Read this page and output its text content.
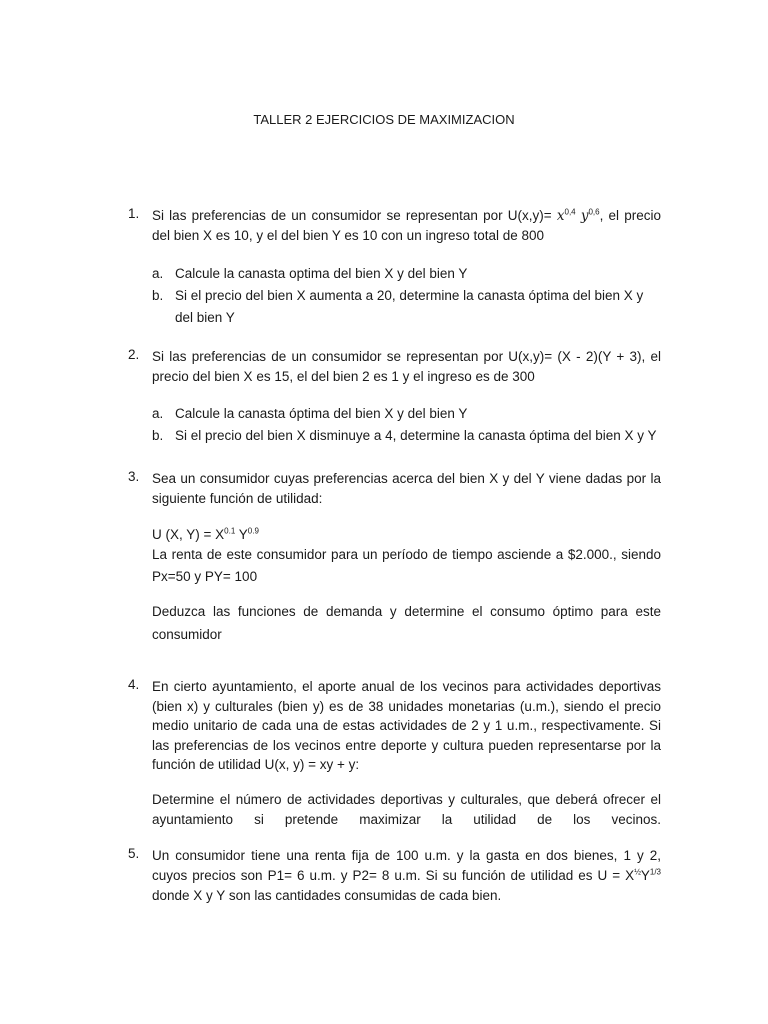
TALLER 2 EJERCICIOS DE MAXIMIZACION
1. Si las preferencias de un consumidor se representan por $U(x,y)= x^{0,4}$ $y^{0,6}$, el precio
del bien X es 10, y el del bien Y es 10 con un ingreso total de 800
a. Calcule la canasta optima del bien X y del bien Y
b. Si el precio del bien X aumenta a 20, determine la canasta óptima del bien X y
del bien Y
2. Si las preferencias de un consumidor se representan por U(x,y)= (X - 2)(Y + 3), el
precio del bien X es 15, el del bien 2 es 1 y el ingreso es de 300
a. Calcule la canasta óptima del bien X y del bien Y
b. Si el precio del bien X disminuye a 4, determine la canasta óptima del bien X y Y
3. Sea un consumidor cuyas preferencias acerca del bien X y del Y viene dadas por la
siguiente función de utilidad:
U (X, $Y) = X^{0.1}$ $Y^{0.9}$
La renta de este consumidor para un período de tiempo asciende a $2.000., siendo
Px=50 y PY= 100
Deduzca las funciones de demanda y determine el consumo óptimo para este
consumidor
4. En cierto ayuntamiento, el aporte anual de los vecinos para actividades deportivas
(bien x) y culturales (bien y) es de 38 unidades monetarias (u.m.), siendo el precio
medio unitario de cada una de estas actividades de 2 y 1 u.m., respectivamente. Si
las preferencias de los vecinos entre deporte y cultura pueden representarse por la
función de utilidad U(x, y) = xy + y:
Determine el número de actividades deportivas y culturales, que deberá ofrecer el
ayuntamiento si pretende maximizar la utilidad de los vecinos.
5. Un consumidor tiene una renta fija de 100 u.m. y la gasta en dos bienes, 1 y 2,
cuyos precios son P1= 6 u.m. y P2= 8 u.m. Si su función de utilidad es $U = X^{\frac{1}{2}}Y^{1/3}$
donde X y Y son las cantidades consumidas de cada bien.
